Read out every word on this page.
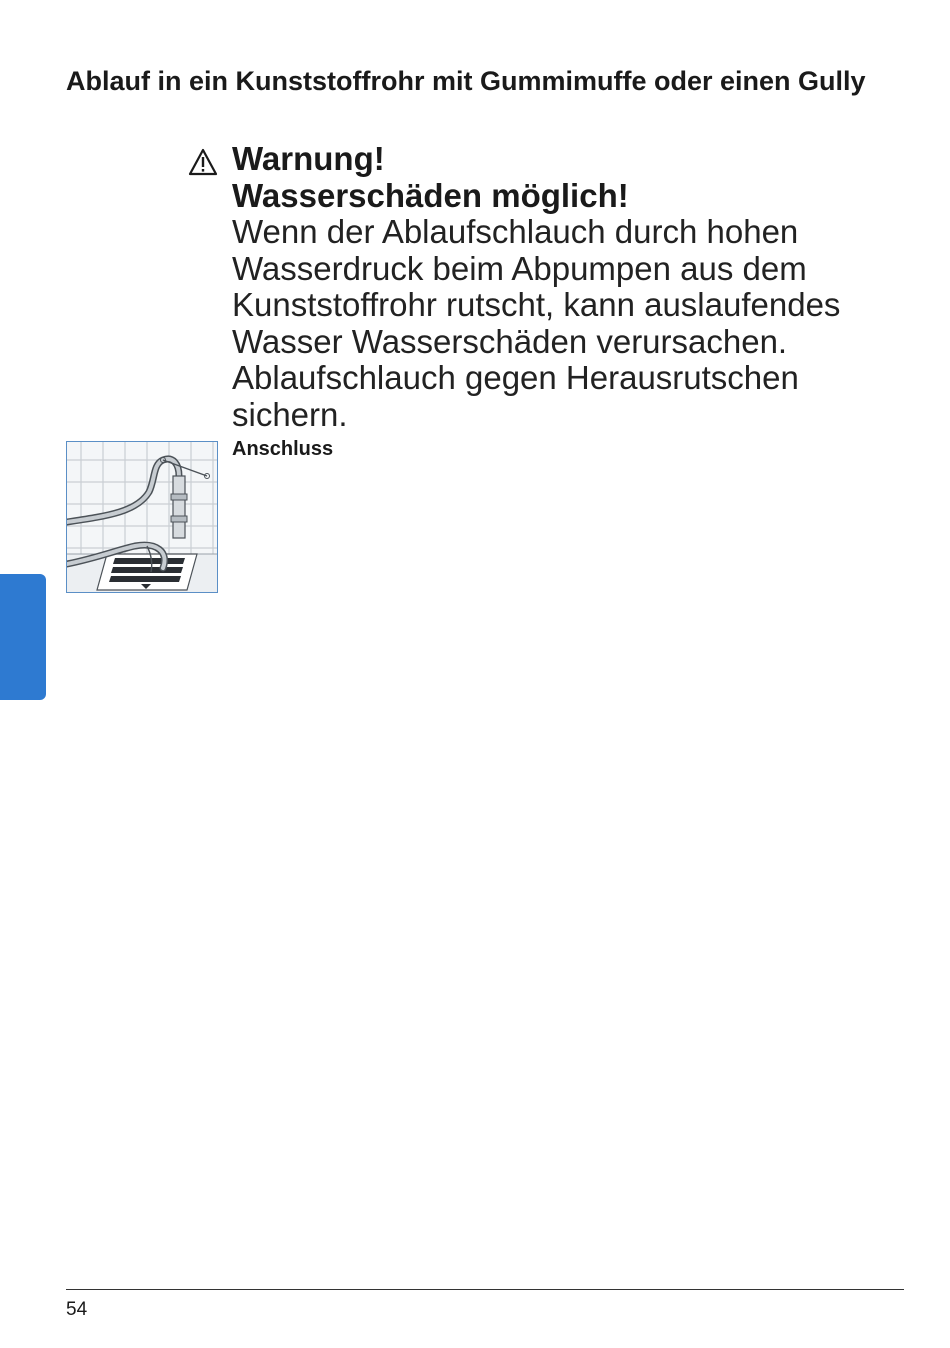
Ablauf in ein Kunststoffrohr mit Gummimuffe oder einen Gully

Warnung!

Wasserschäden möglich!

Wenn der Ablaufschlauch durch hohen Wasserdruck beim Abpumpen aus dem Kunststoffrohr rutscht, kann auslaufendes Wasser Wasserschäden verursachen. Ablaufschlauch gegen Herausrutschen sichern.

Anschluss

54
